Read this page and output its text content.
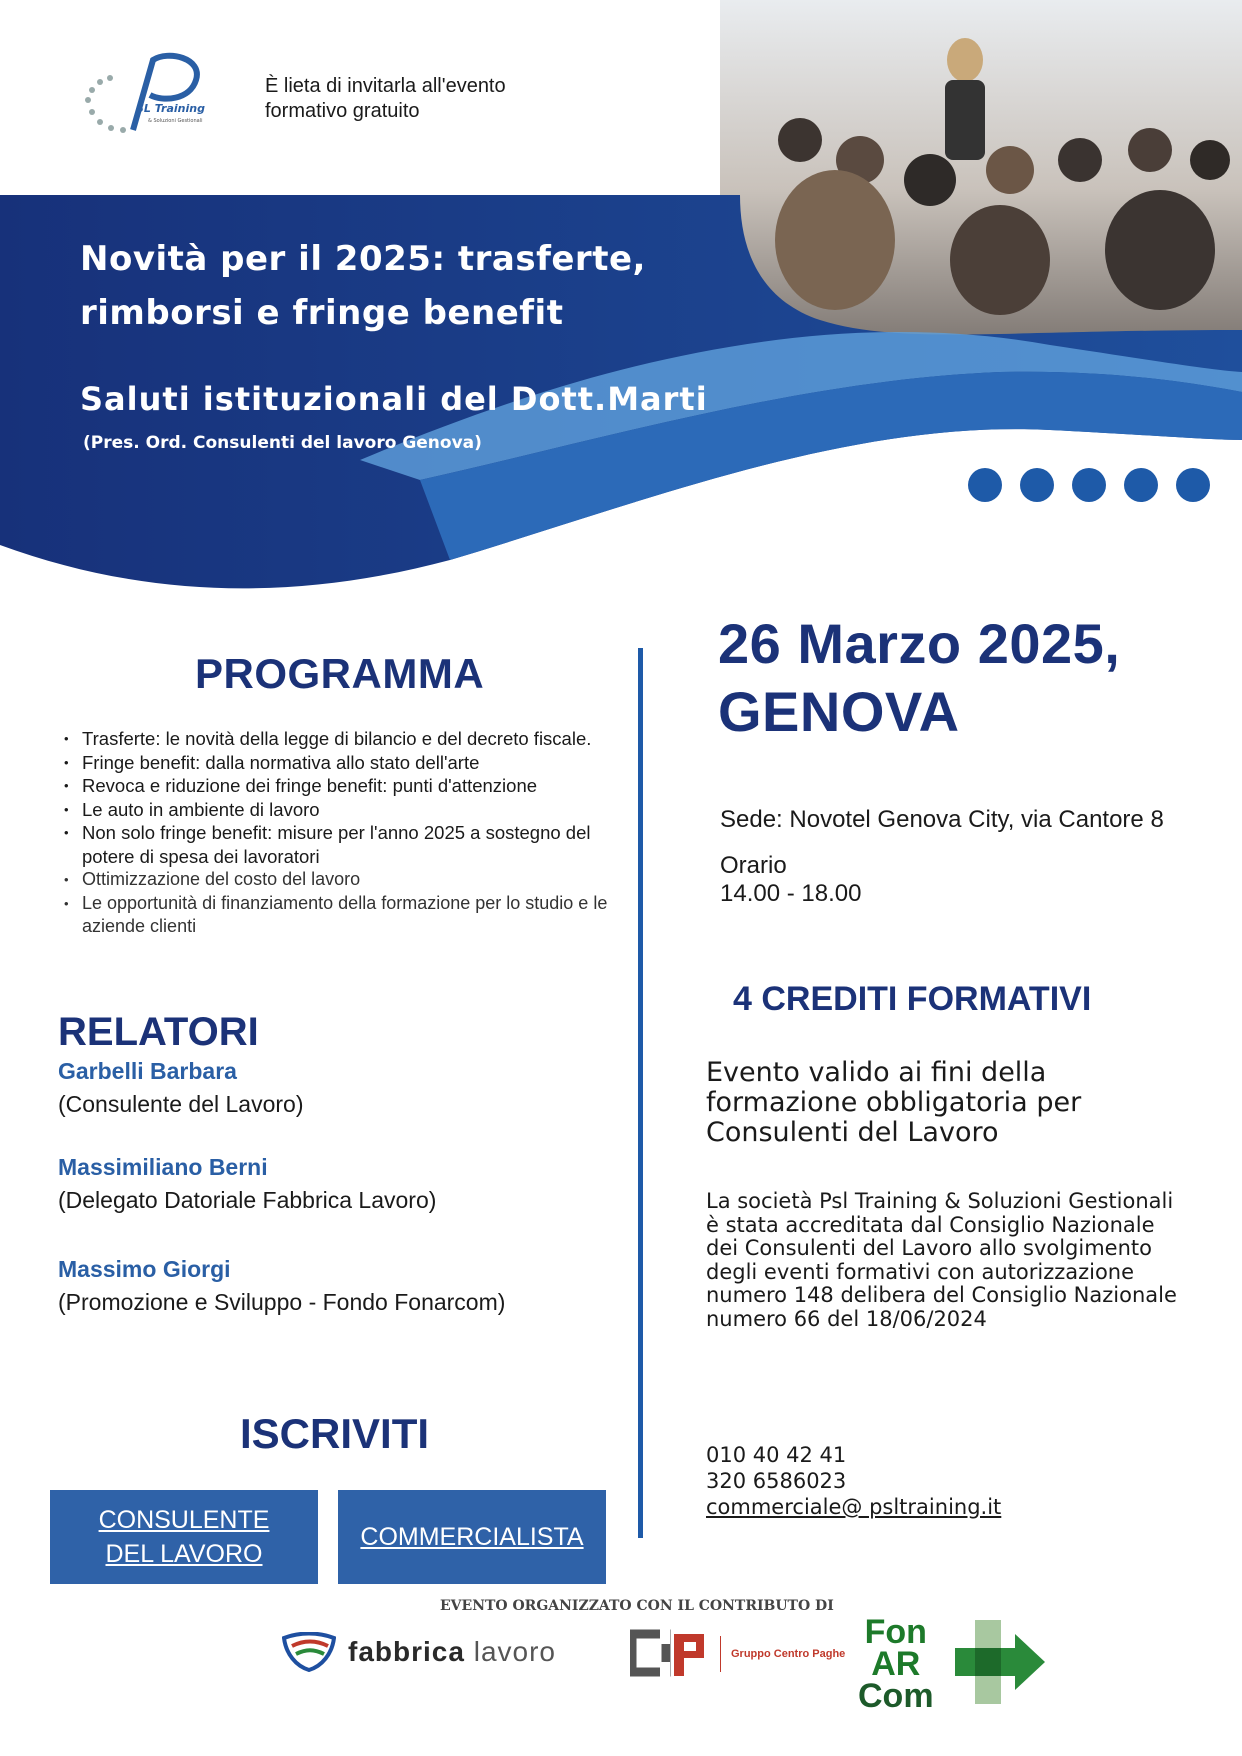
SL Training
& Soluzioni Gestionali
È lieta di invitarla all'evento
formativo gratuito
Novità per il 2025: trasferte,
rimborsi e fringe benefit
Saluti istituzionali del Dott.Marti
(Pres. Ord. Consulenti del lavoro Genova)
PROGRAMMA
• Trasferte: le novità della legge di bilancio e del decreto fiscale.
• Fringe benefit: dalla normativa allo stato dell'arte
• Revoca e riduzione dei fringe benefit: punti d'attenzione
• Le auto in ambiente di lavoro
• Non solo fringe benefit: misure per l'anno 2025 a sostegno del potere di spesa dei lavoratori
• Ottimizzazione del costo del lavoro
• Le opportunità di finanziamento della formazione per lo studio e le aziende clienti
RELATORI
Garbelli Barbara
(Consulente del Lavoro)
Massimiliano Berni
(Delegato Datoriale Fabbrica Lavoro)
Massimo Giorgi
(Promozione e Sviluppo - Fondo Fonarcom)
ISCRIVITI
CONSULENTE
DEL LAVORO
COMMERCIALISTA
26 Marzo 2025,
GENOVA
Sede: Novotel Genova City, via Cantore 8
Orario
14.00 - 18.00
4 CREDITI FORMATIVI
Evento valido ai fini della formazione obbligatoria per Consulenti del Lavoro
La società Psl Training & Soluzioni Gestionali è stata accreditata dal Consiglio Nazionale dei Consulenti del Lavoro allo svolgimento degli eventi formativi con autorizzazione numero 148 delibera del Consiglio Nazionale numero 66 del 18/06/2024
010 40 42 41
320 6586023
commerciale@ psltraining.it
EVENTO ORGANIZZATO CON IL CONTRIBUTO DI
fabbrica lavoro	Gruppo Centro Paghe
Fon
AR
Com
